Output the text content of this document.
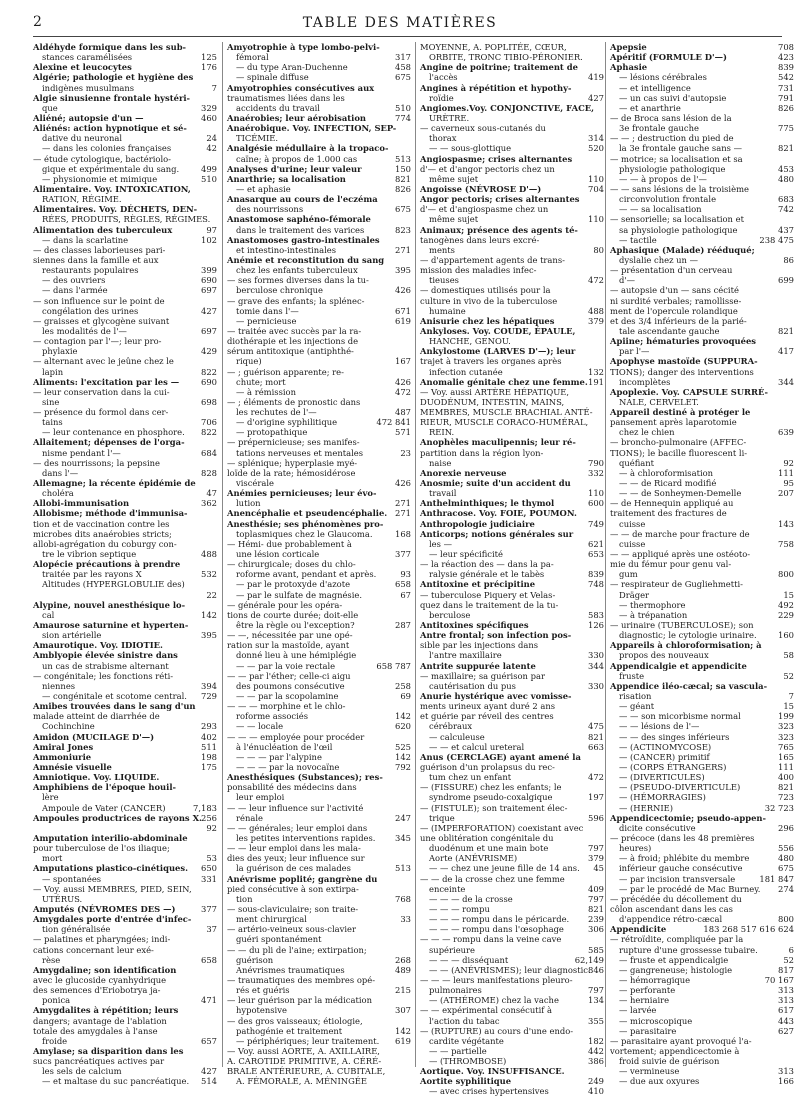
2	TABLE DES MATIÈRES
Aldéhyde formique dans les sub-
stances caramélisées	125
Alexine et leucocytes	176
Algérie; pathologie et hygiène des
indigènes musulmans	7
Algie sinusienne frontale hystéri-
que	329
Aliéné; autopsie d'un —	460
Aliénés: action hypnotique et sé-
dative du neuronal	24
— dans les colonies françaises	42
— étude cytologique, bactériolo-
gique et expérimentale du sang.	499
— physionomie et mimique	510
Alimentaire. Voy. INTOXICATION,
RATION, RÉGIME.
Alimentaires. Voy. DÉCHETS, DEN-
RÉES, PRODUITS, RÈGLES, RÉGIMES.
Alimentation des tuberculeux	97
— dans la scarlatine	102
— des classes laborieuses pari-
siennes dans la famille et aux
restaurants populaires	399
— des ouvriers	690
— dans l'armée	697
— son influence sur le point de
congélation des urines	427
— graisses et glycogène suivant
les modalités de l'—	697
— contagion par l'—; leur pro-
phylaxie	429
— alternant avec le jeûne chez le
lapin	822
Aliments: l'excitation par les —	690
— leur conservation dans la cui-
sine	698
— présence du formol dans cer-
tains	706
— leur contenance en phosphore. 822
Allaitement; dépenses de l'orga-
nisme pendant l'—	684
— des nourrissons; la pepsine
dans l'—	828
Allemagne; la récente épidémie de
choléra	47
Allobi-immunisation	362
Allobisme; méthode d'immunisa-
tion et de vaccination contre les
microbes dits anaérobies stricts;
allobi-agrégation du coburgy con-
tre le vibrion septique	488
Alopécie précautions à prendre
traitée par les rayons X	532
Altitudes (HYPERGLOBULIE des)
22
Alypine, nouvel anesthésique lo-
cal	142
Amaurose saturnine et hyperten-
sion artérielle	395
Amaurotique. Voy. IDIOTIE.
Amblyopie élevée sinistre dans
un cas de strabisme alternant
— congénitale; les fonctions réti-
niennes	394
— congénitale et scotome central. 729
Amibes trouvées dans le sang d'un
malade atteint de diarrhée de
Cochinchine	293
Amidon (MUCILAGE D'—)	402
Amiral Jones	511
Ammoniurie	198
Amnésie visuelle	175
Amniotique. Voy. LIQUIDE.
Amphibiens de l'époque houil-
lère
Ampoule de Vater (CANCER)	7,183
Ampoules productrices de rayons X. 256
92
Amputation interilio-abdominale
pour tuberculose de l'os iliaque;
mort	53
Amputations plastico-cinétiques. 650
— spontanées	331
— Voy. aussi MEMBRES, PIED, SEIN,
UTÉRUS.
Amputés (NÉVROMES DES —)	377
Amygdales porte d'entrée d'infec-
tion généralisée	37
— palatines et pharyngées; indi-
cations concernant leur exé-
rèse	658
Amygdaline; son identification
avec le glucoside cyanhydrique
des semences d'Eriobotrya ja-
ponica	471
Amygdalites à répétition; leurs
dangers; avantage de l'ablation
totale des amygdales à l'anse
froide	657
Amylase; sa disparition dans les
sucs pancréatiques actives par
les sels de calcium	427
— et maltase du suc pancréatique. 514
Amyotrophie à type lombo-pelvi-
fémoral	317
— du type Aran-Duchenne	458
— spinale diffuse	675
Amyotrophies consécutives aux
traumatismes liées dans les
accidents du travail	510
Anaérobies; leur aérobisation	774
Anaérobique. Voy. INFECTION, SEP-
TICÉMIE.
Analgésie médullaire à la tropaco-
caïne; à propos de 1.000 cas	513
Analyses d'urine; leur valeur	150
Anarthrie; sa localisation	821
— et aphasie	826
Anasarque au cours de l'eczéma
des nourrissons	675
Anastomose saphéno-fémorale
dans le traitement des varices	823
Anastomoses gastro-intestinales
et intestino-intestinales	271
Anémie et reconstitution du sang
chez les enfants tuberculeux	395
— ses formes diverses dans la tu-
berculose chronique	426
— grave des enfants; la splénec-
tomie dans l'—	671
— pernicieuse	619
— traitée avec succès par la ra-
diothérapie et les injections de
sérum antitoxique (antiphthé-
rique)	167
— ; guérison apparente; re-
chute; mort	426
— à rémission	472
— ; éléments de pronostic dans
les rechutes de l'—	487
— d'origine syphilitique	472 841
— protopathique	571
— prépernicieuse; ses manifes-
tations nerveuses et mentales	23
— splénique; hyperplasie myé-
loïde de la rate; hémosidérose
viscérale	426
Anémies pernicieuses; leur évo-
lution	271
Anencéphalie et pseudencéphalie. 271
Anesthésie; ses phénomènes pro-
toplasmiques chez le Glaucoma.	168
— Hémi- due probablement à
une lésion corticale	377
— chirurgicale; doses du chlo-
roforme avant, pendant et après.	93
— par le protoxyde d'azote	658
— par le sulfate de magnésie.	67
— générale pour les opéra-
tions de courte durée; doit-elle
être la règle ou l'exception?	287
— —, nécessitée par une opé-
ration sur la mastoïde, ayant
donné lieu à une hémiplégie
— — par la voie rectale	658 787
— — par l'éther; celle-ci aigu
des poumons consécutive	258
— — par la scopolamine	69
— — — morphine et le chlo-
roforme associés	142
— — locale	620
— — — employée pour procéder
à l'énucléation de l'œil	525
— — — par l'alypine	142
— — — par la novocaïne	792
Anesthésiques (Substances); res-
ponsabilité des médecins dans
leur emploi
— — leur influence sur l'activité
rénale	247
— — générales; leur emploi dans
les petites interventions rapides. 345
— — leur emploi dans les mala-
dies des yeux; leur influence sur
la guérison de ces malades	513
Anévrisme poplité; gangrène du
pied consécutive à son extirpa-
tion	768
— sous-claviculaire; son traite-
ment chirurgical	33
— artério-veineux sous-clavier
guéri spontanément
— — du pli de l'aine; extirpation;
guérison	268
Anévrismes traumatiques	489
— traumatiques des membres opé-
rés et guéris	215
— leur guérison par la médication
hypotensive	307
— des gros vaisseaux; étiologie,
pathogénie et traitement	142
— périphériques; leur traitement. 619
— Voy. aussi AORTE, A. AXILLAIRE,
A. CAROTIDE PRIMITIVE, A. CÉRÉ-
BRALE ANTÉRIEURE, A. CUBITALE,
A. FÉMORALE, A. MÉNINGÉE
MOYENNE, A. POPLITÉE, CŒUR,
ORBITE, TRONC TIBIO-PÉRONIER.
Angine de poitrine; traitement de
l'accès	419
Angines à répétition et hypothy-
roïdie	427
Angiomes.Voy. CONJONCTIVE, FACE,
URÈTRE.
— caverneux sous-cutanés du
thorax	314
— — sous-glottique	520
Angiospasme; crises alternantes
d'— et d'angor pectoris chez un
même sujet	110
Angoisse (NÉVROSE D'—)	704
Angor pectoris; crises alternantes
d'— et d'angiospasme chez un
même sujet	110
Animaux; présence des agents té-
tanogènes dans leurs excré-
ments	80
— d'appartement agents de trans-
mission des maladies infec-
tieuses	472
— domestiques utilisés pour la
culture in vivo de la tuberculose
humaine	488
Anisurie chez les hépatiques	379
Ankyloses. Voy. COUDE, ÉPAULE,
HANCHE, GENOU.
Ankylostome (LARVES D'—); leur
trajet à travers les organes après
infection cutanée	132
Anomalie génitale chez une femme. 191
— Voy. aussi ARTÈRE HÉPATIQUE,
DUODÉNUM, INTESTIN, MAINS,
MEMBRES, MUSCLE BRACHIAL ANTÉ-
RIEUR, MUSCLE CORACO-HUMÉRAL,
REIN.
Anophèles maculipennis; leur ré-
partition dans la région lyon-
naise	790
Anorexie nerveuse	332
Anosmie; suite d'un accident du
travail	110
Anthelminthiques; le thymol	600
Anthracose. Voy. FOIE, POUMON.
Anthropologie judiciaire	749
Anticorps; notions générales sur
les —	621
— leur spécificité	653
— la réaction des — dans la pa-
ralysie générale et le tabès	839
Antitoxine et précipitine	748
— tuberculose Piquery et Velas-
quez dans le traitement de la tu-
berculose	583
Antitoxines spécifiques	126
Antre frontal; son infection pos-
sible par les injections dans
l'antre maxillaire	330
Antrite suppurée latente	344
— maxillaire; sa guérison par
cautérisation du pus	330
Anurie hystérique avec vomisse-
ments urineux ayant duré 2 ans
et guérie par réveil des centres
cérébraux	475
— calculeuse	821
— — et calcul ureteral	663
Anus (CERCLAGE) ayant amené la
guérison d'un prolapsus du rec-
tum chez un enfant	472
— (FISSURE) chez les enfants; le
syndrome pseudo-coxalgique	197
— (FISTULE); son traitement élec-
trique	596
— (IMPERFORATION) coexistant avec
une oblitération congénitale du
duodénum et une main bote	797
Aorte (ANÉVRISME)	379
— — chez une jeune fille de 14 ans. 45
— — de la crosse chez une femme
enceinte	409
— — — de la crosse	797
— — — rompu	821
— — — rompu dans le péricarde. 239
— — — rompu dans l'œsophage	306
— — — rompu dans la veine cave
supérieure	585
— — — disséquant	62,149
— — (ANÉVRISMES); leur diagnostic.
846
— — — leurs manifestations pleuro-
pulmonaires	797
— (ATHÉROME) chez la vache	134
— — expérimental consécutif à
l'action du tabac	355
— (RUPTURE) au cours d'une endo-
cardite végétante	182
— — partielle	442
— (THROMBOSE)	386
Aortique. Voy. INSUFFISANCE.
Aortite syphilitique	249
— avec crises hypertensives	410
Apepsie	708
Apéritif (FORMULE D'—)	423
Aphasie	839
— lésions cérébrales	542
— et intelligence	731
— un cas suivi d'autopsie	791
— et anarthrie	826
— de Broca sans lésion de la
3e frontale gauche	775
— — ; destruction du pied de
la 3e frontale gauche sans —	821
— motrice; sa localisation et sa
physiologie pathologique	453
— — à propos de l'—	480
— — sans lésions de la troisième
circonvolution frontale	683
— — sa localisation	742
— sensorielle; sa localisation et
sa physiologie pathologique	437
— tactile	238 475
Aphasique (Malade) rééduqué;
dyslalie chez un —	86
— présentation d'un cerveau
d'—	699
— autopsie d'un — sans cécité
ni surdité verbales; ramollisse-
ment de l'opercule rolandique
et des 3/4 inférieurs de la parié-
tale ascendante gauche	821
Apiine; hématuries provoquées
par l'—	417
Apophyse mastoïde (SUPPURA-
TIONS); danger des interventions
incomplètes	344
Apoplexie. Voy. CAPSULE SURRÉ-
NALE, CERVELET.
Appareil destiné à protéger le
pansement après laparotomie
chez le chien	639
— broncho-pulmonaire (AFFEC-
TIONS); le bacille fluorescent li-
quéfiant	92
— à chloroformisation	111
— — de Ricard modifié	95
— — de Sonheymen-Demelle	207
— de Hennequin appliqué au
traitement des fractures de
cuisse	143
— — de marche pour fracture de
cuisse	758
— — appliqué après une ostéoto-
mie du fémur pour genu val-
gum	800
— respirateur de Gugliehmetti-
Dräger	15
— thermophore	492
— à trépanation	229
— urinaire (TUBERCULOSE); son
diagnostic; le cytologie urinaire.	160
Appareils à chloroformisation; à
propos des nouveaux	58
Appendicalgie et appendicite
fruste	52
Appendice iléo-cæcal; sa vascula-
risation	7
— géant	15
— — son micorbisme normal	199
— — lésions de l'—	323
— — des singes inférieurs	323
— (ACTINOMYCOSE)	765
— (CANCER) primitif	165
— (CORPS ÉTRANGERS)	111
— (DIVERTICULES)	400
— (PSEUDO-DIVERTICULE)	821
— (HÉMORRAGIES)	723
— (HERNIE)	32 723
Appendicectomie; pseudo-appen-
dicite consécutive	296
— précoce (dans les 48 premières
heures)	556
— à froid; phlébite du membre	480
inférieur gauche consécutive	675
— par incision transversale	181 847
— par le procédé de Mac Burney. 274
— précédée du décollement du
côlon ascendant dans les cas
d'appendice rétro-cæcal	800
Appendicite	183 268 517 616 624
— rétroïdite, compliquée par la
rupture d'une grossesse tubaire.	6
— fruste et appendicalgie	52
— gangreneuse; histologie	817
— hémorragique	70 167
— perforante	313
— herniaire	313
— larvée	617
— microscopique	443
— parasitaire	627
— parasitaire ayant provoqué l'a-
vortement; appendicectomie à
froid suivie de guérison
— vermineuse	313
— due aux oxyures	166
